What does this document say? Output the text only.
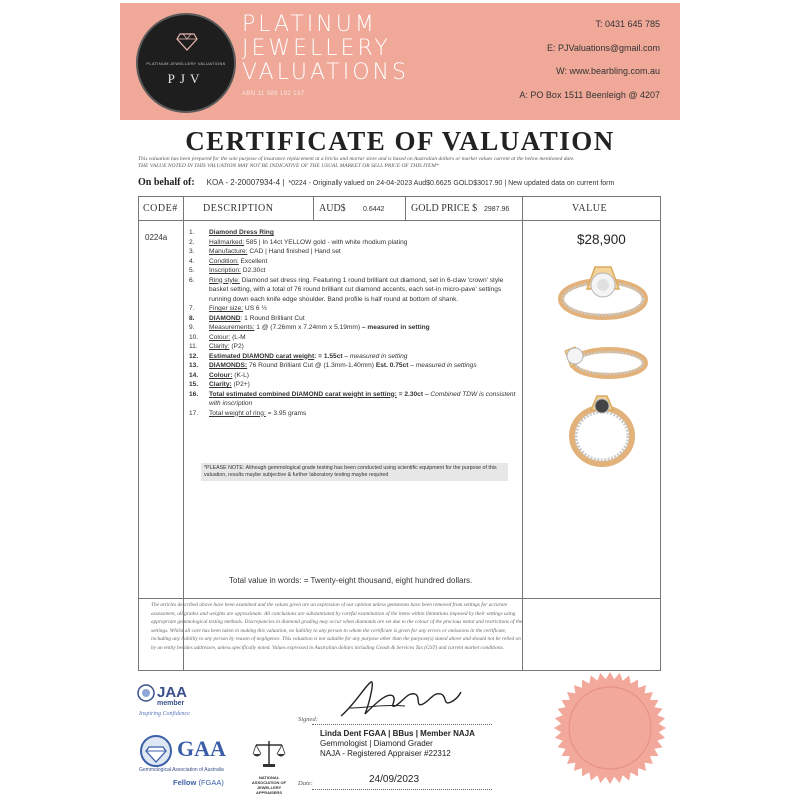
PLATINUM JEWELLERY VALUATIONS
PJV
PLATINUM
JEWELLERY
VALUATIONS
ABN 11 589 192 137
T: 0431 645 785
E: PJValuations@gmail.com
W: www.bearbling.com.au
A: PO Box 1511 Beenleigh @ 4207
CERTIFICATE OF VALUATION
This valuation has been prepared for the sole purpose of insurance replacement at a bricks and mortar store and is based on Australian dollars or market values current at the below mentioned date.
THE VALUE NOTED IN THIS VALUATION MAY NOT BE INDICATIVE OF THE USUAL MARKET OR SELL PRICE OF THIS ITEM*
On behalf of: KOA - 2-20007934-4 | *0224 - Originally valued on 24-04-2023 Aud$0.6625 GOLD$3017.90 | New updated data on current form
CODE#	DESCRIPTION	AUD$ 0.6442	GOLD PRICE $ 2987.96	VALUE
0224a
1.	Diamond Dress Ring
2.	Hallmarked: 585 | In 14ct YELLOW gold - with white rhodium plating
3.	Manufacture: CAD | Hand finished | Hand set
4.	Condition: Excellent
5.	Inscription: D2.30ct
6.	Ring style: Diamond set dress ring. Featuring 1 round brilliant cut diamond, set in 6-claw 'crown' style basket setting, with a total of 76 round brilliant cut diamond accents, each set-in micro-pave' settings running down each knife edge shoulder. Band profile is half round at bottom of shank.
7.	Finger size: US 6 ½
8.	DIAMOND: 1 Round Brilliant Cut
9.	Measurements: 1 @ (7.26mm x 7.24mm x 5.19mm) – measured in setting
10.	Colour: (L-M
11.	Clarity: (P2)
12.	Estimated DIAMOND carat weight: = 1.55ct – measured in setting
13.	DIAMONDS: 76 Round Brilliant Cut @ (1.3mm-1.40mm) Est. 0.75ct – measured in settings
14.	Colour: (K-L)
15.	Clarity: (P2+)
16.	Total estimated combined DIAMOND carat weight in setting: = 2.30ct – Combined TDW is consistent with inscription
17.	Total weight of ring: = 3.95 grams
*PLEASE NOTE: Although gemmological grade testing has been conducted using scientific equipment for the purpose of this valuation, results maybe subjective & further laboratory testing maybe required
$28,900
Total value in words: = Twenty-eight thousand, eight hundred dollars.
The articles described above have been examined and the values given are an expression of our opinion unless gemstones have been removed from settings for accurate assessment, all grades and weights are approximate. All conclusions are substantiated by careful examination of the items within limitations imposed by their settings using appropriate gemmological testing methods. Discrepancies in diamond grading may occur when diamonds are set due to the colour of the precious metal and restrictions of the settings. Whilst all care has been taken in making this valuation, no liability to any person to whom the certificate is given for any errors or omissions in the certificate, including any liability to any person by reason of negligence. This valuation is not suitable for any purpose other than the purpose(s) stated above and should not be relied on by an entity besides addressee, unless specifically noted. Values expressed in Australian dollars including Goods & Services Tax (GST) and current market conditions.
JAA
member
Inspiring Confidence
GAA
Gemmological Association of Australia
Fellow (FGAA)
NATIONAL ASSOCIATION OF JEWELLERY APPRAISERS
Signed:
Linda Dent FGAA | BBus | Member NAJA
Gemmologist | Diamond Grader
NAJA - Registered Appraiser #22312
Date:	24/09/2023
